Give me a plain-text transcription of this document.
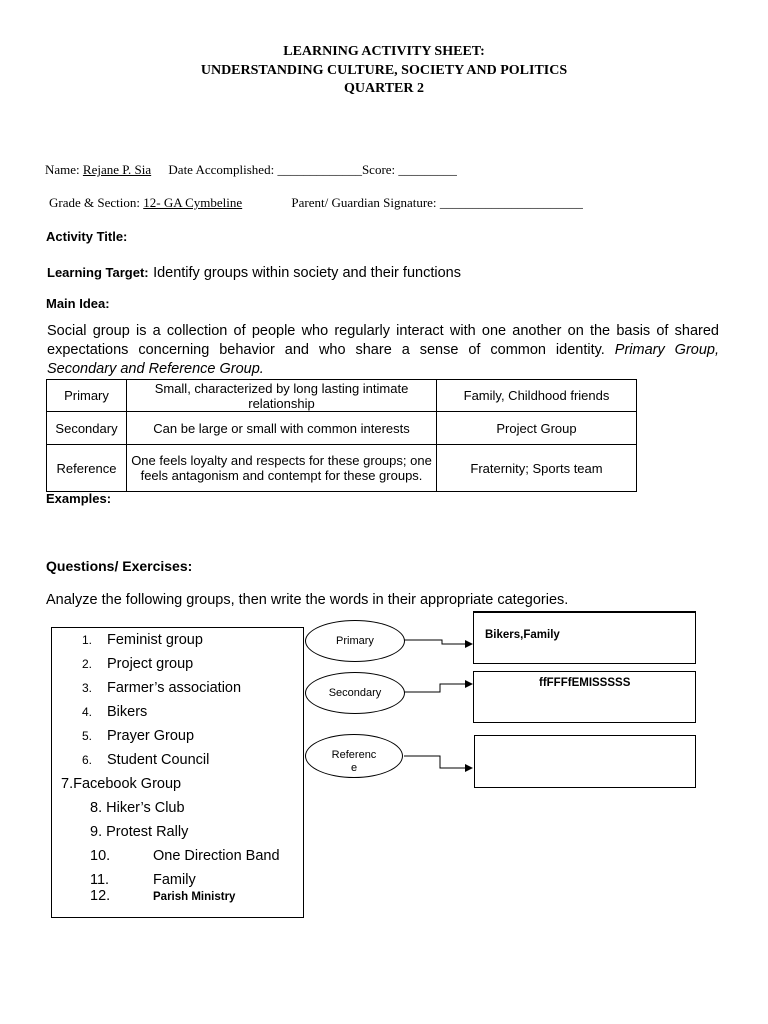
LEARNING ACTIVITY SHEET:
UNDERSTANDING CULTURE, SOCIETY AND POLITICS
QUARTER 2
Name: Rejane P. Sia Date Accomplished: _____________Score: _________
Grade & Section: 12- GA Cymbeline	Parent/ Guardian Signature: ______________________
Activity Title:
Learning Target: Identify groups within society and their functions
Main Idea:
Social group is a collection of people who regularly interact with one another on the basis of shared expectations concerning behavior and who share a sense of common identity. Primary Group, Secondary and Reference Group.
Primary	Small, characterized by long lasting intimate relationship	Family, Childhood friends
Secondary	Can be large or small with common interests	Project Group
Reference	One feels loyalty and respects for these groups; one feels antagonism and contempt for these groups.	Fraternity; Sports team
Examples:
Questions/ Exercises:
Analyze the following groups, then write the words in their appropriate categories.
1. Feminist group
2. Project group
3. Farmer’s association
4. Bikers
5. Prayer Group
6. Student Council
7.Facebook Group
8. Hiker’s Club
9. Protest Rally
10.	One Direction Band
11.	Family
12.	Parish Ministry
Primary
Secondary
Reference
Bikers,Family
ffFFFfEMISSSSS
